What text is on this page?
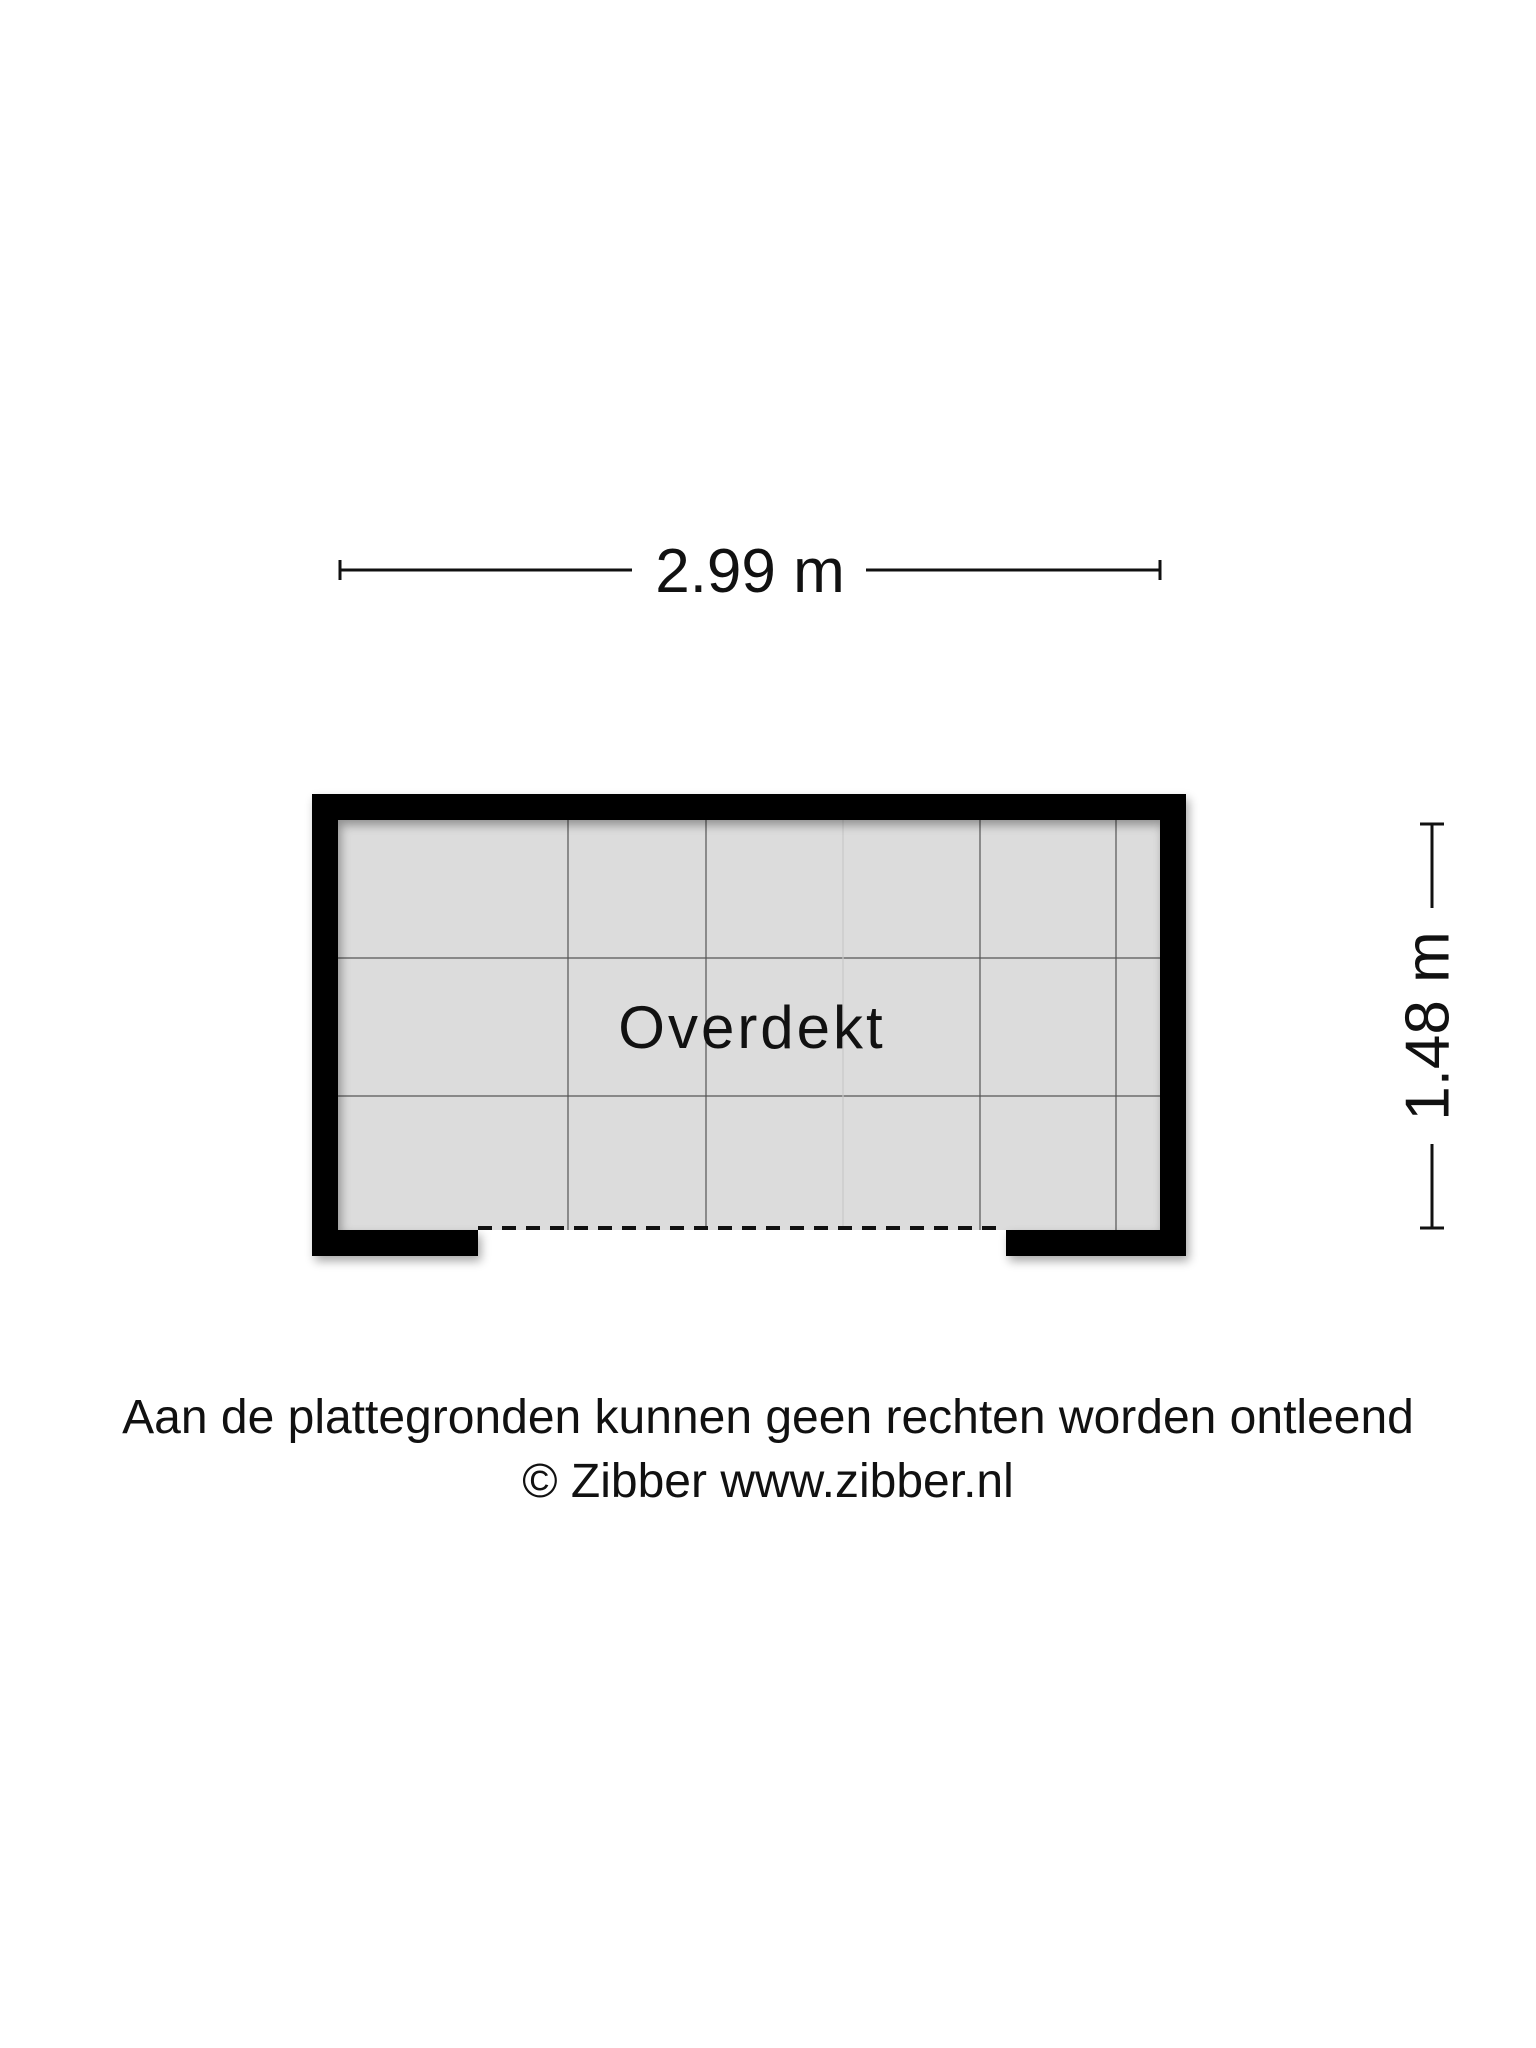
2.99 m
Overdekt	1.48 m
Aan de plattegronden kunnen geen rechten worden ontleend
© Zibber www.zibber.nl
